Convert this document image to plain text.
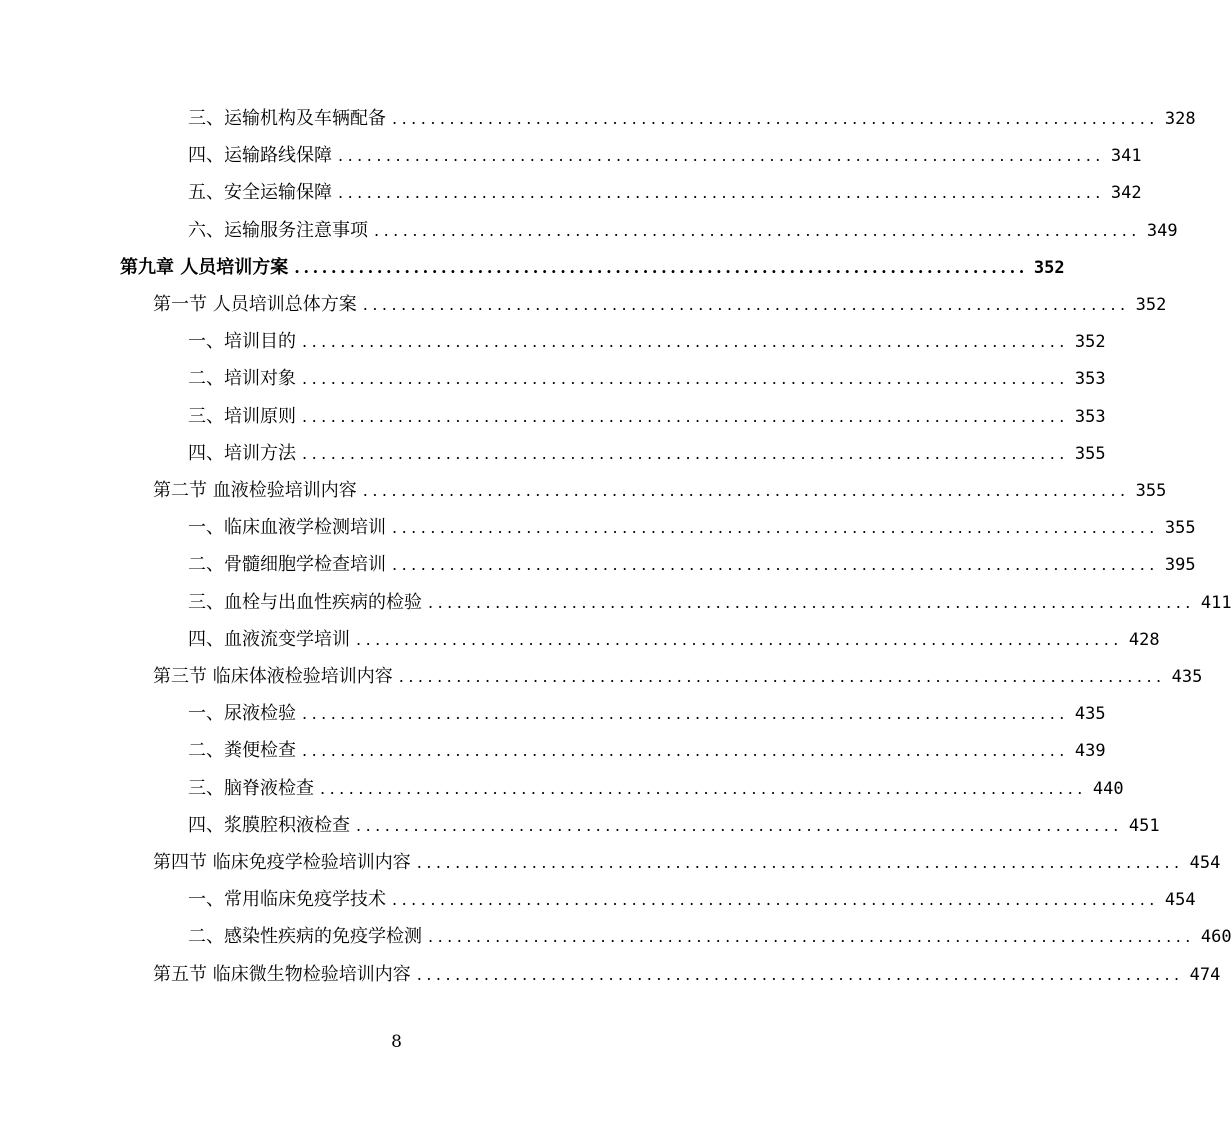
三、运输机构及车辆配备 ................................................................................ 328
四、运输路线保障 ................................................................................ 341
五、安全运输保障 ................................................................................ 342
六、运输服务注意事项 ................................................................................ 349
第九章 人员培训方案 ................................................................................ 352
第一节 人员培训总体方案 ................................................................................ 352
一、培训目的 ................................................................................ 352
二、培训对象 ................................................................................ 353
三、培训原则 ................................................................................ 353
四、培训方法 ................................................................................ 355
第二节 血液检验培训内容 ................................................................................ 355
一、临床血液学检测培训 ................................................................................ 355
二、骨髓细胞学检查培训 ................................................................................ 395
三、血栓与出血性疾病的检验 ................................................................................ 411
四、血液流变学培训 ................................................................................ 428
第三节 临床体液检验培训内容 ................................................................................ 435
一、尿液检验 ................................................................................ 435
二、粪便检查 ................................................................................ 439
三、脑脊液检查 ................................................................................ 440
四、浆膜腔积液检查 ................................................................................ 451
第四节 临床免疫学检验培训内容 ................................................................................ 454
一、常用临床免疫学技术 ................................................................................ 454
二、感染性疾病的免疫学检测 ................................................................................ 460
第五节 临床微生物检验培训内容 ................................................................................ 474
8
